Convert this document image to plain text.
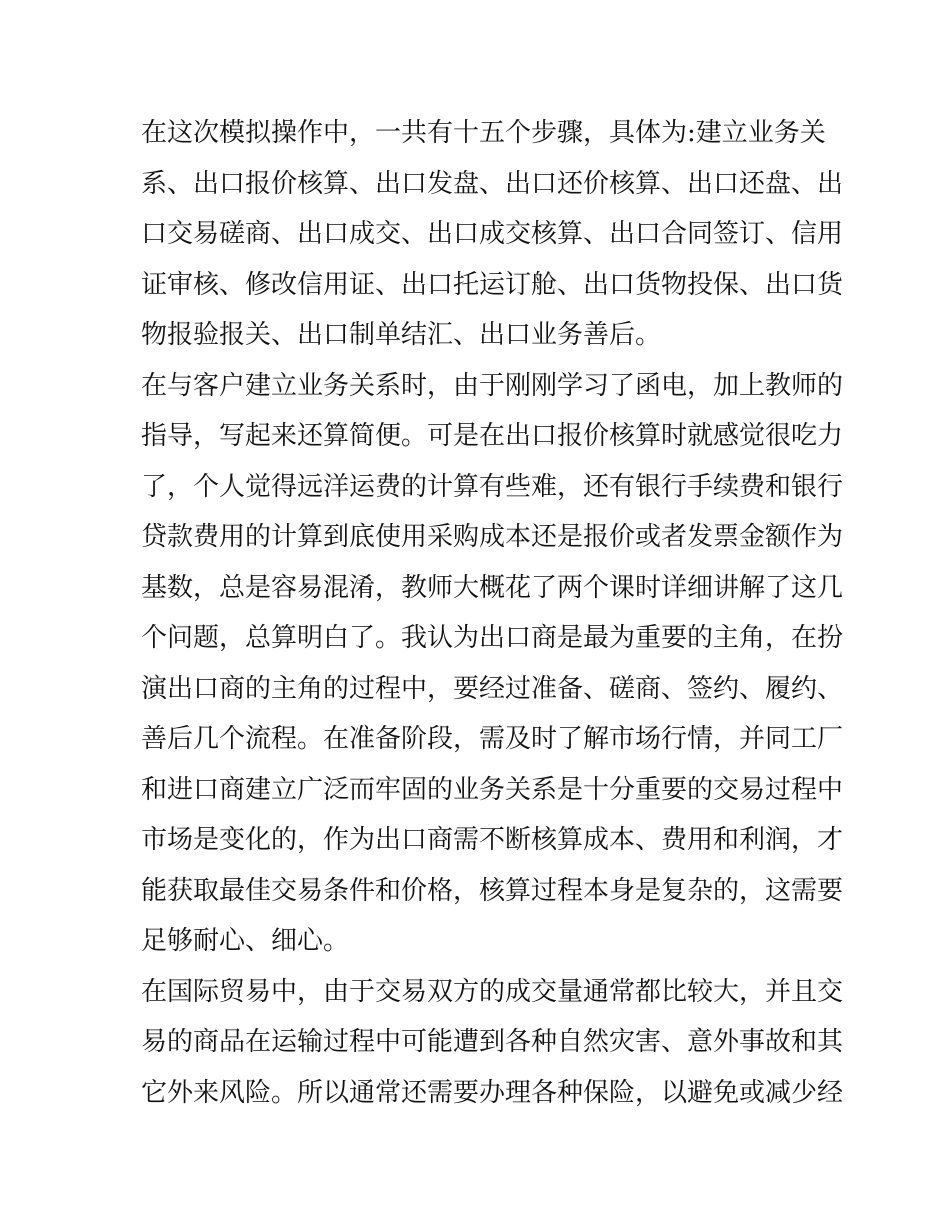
在这次模拟操作中，一共有十五个步骤，具体为:建立业务关
系、出口报价核算、出口发盘、出口还价核算、出口还盘、出
口交易磋商、出口成交、出口成交核算、出口合同签订、信用
证审核、修改信用证、出口托运订舱、出口货物投保、出口货
物报验报关、出口制单结汇、出口业务善后。
在与客户建立业务关系时，由于刚刚学习了函电，加上教师的
指导，写起来还算简便。可是在出口报价核算时就感觉很吃力
了，个人觉得远洋运费的计算有些难，还有银行手续费和银行
贷款费用的计算到底使用采购成本还是报价或者发票金额作为
基数，总是容易混淆，教师大概花了两个课时详细讲解了这几
个问题，总算明白了。我认为出口商是最为重要的主角，在扮
演出口商的主角的过程中，要经过准备、磋商、签约、履约、
善后几个流程。在准备阶段，需及时了解市场行情，并同工厂
和进口商建立广泛而牢固的业务关系是十分重要的交易过程中
市场是变化的，作为出口商需不断核算成本、费用和利润，才
能获取最佳交易条件和价格，核算过程本身是复杂的，这需要
足够耐心、细心。
在国际贸易中，由于交易双方的成交量通常都比较大，并且交
易的商品在运输过程中可能遭到各种自然灾害、意外事故和其
它外来风险。所以通常还需要办理各种保险，以避免或减少经
